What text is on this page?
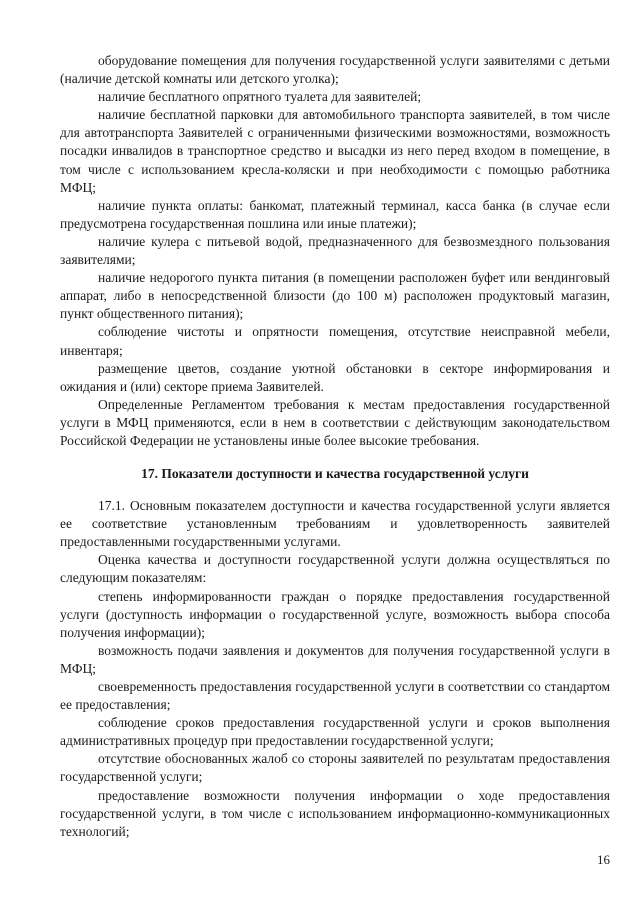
оборудование помещения для получения государственной услуги заявителями с детьми (наличие детской комнаты или детского уголка);

наличие бесплатного опрятного туалета для заявителей;

наличие бесплатной парковки для автомобильного транспорта заявителей, в том числе для автотранспорта Заявителей с ограниченными физическими возможностями, возможность посадки инвалидов в транспортное средство и высадки из него перед входом в помещение, в том числе с использованием кресла-коляски и при необходимости с помощью работника МФЦ;

наличие пункта оплаты: банкомат, платежный терминал, касса банка (в случае если предусмотрена государственная пошлина или иные платежи);

наличие кулера с питьевой водой, предназначенного для безвозмездного пользования заявителями;

наличие недорогого пункта питания (в помещении расположен буфет или вендинговый аппарат, либо в непосредственной близости (до 100 м) расположен продуктовый магазин, пункт общественного питания);

соблюдение чистоты и опрятности помещения, отсутствие неисправной мебели, инвентаря;

размещение цветов, создание уютной обстановки в секторе информирования и ожидания и (или) секторе приема Заявителей.

Определенные Регламентом требования к местам предоставления государственной услуги в МФЦ применяются, если в нем в соответствии с действующим законодательством Российской Федерации не установлены иные более высокие требования.

17. Показатели доступности и качества государственной услуги

17.1. Основным показателем доступности и качества государственной услуги является ее соответствие установленным требованиям и удовлетворенность заявителей предоставленными государственными услугами.

Оценка качества и доступности государственной услуги должна осуществляться по следующим показателям:

степень информированности граждан о порядке предоставления государственной услуги (доступность информации о государственной услуге, возможность выбора способа получения информации);

возможность подачи заявления и документов для получения государственной услуги в МФЦ;

своевременность предоставления государственной услуги в соответствии со стандартом ее предоставления;

соблюдение сроков предоставления государственной услуги и сроков выполнения административных процедур при предоставлении государственной услуги;

отсутствие обоснованных жалоб со стороны заявителей по результатам предоставления государственной услуги;

предоставление возможности получения информации о ходе предоставления государственной услуги, в том числе с использованием информационно-коммуникационных технологий;

16
